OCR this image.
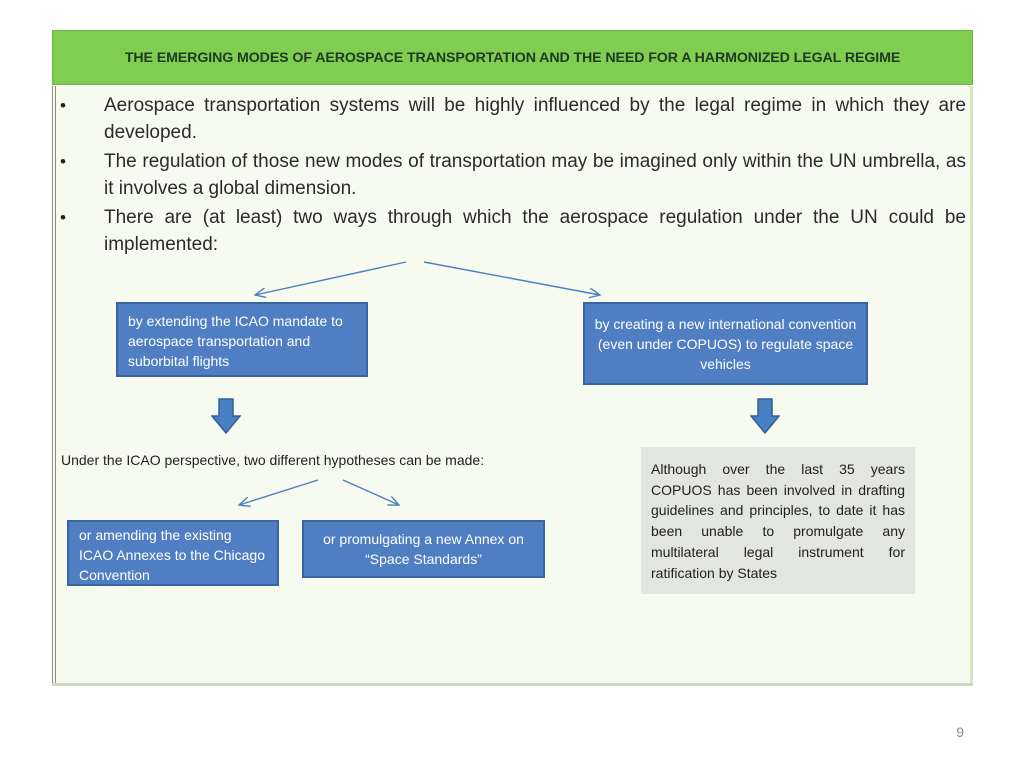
THE EMERGING MODES OF AEROSPACE TRANSPORTATION AND THE NEED FOR A HARMONIZED LEGAL REGIME
• Aerospace transportation systems will be highly influenced by the legal regime in which they are developed.

• The regulation of those new modes of transportation may be imagined only within the UN umbrella, as it involves a global dimension.

• There are (at least) two ways through which the aerospace regulation under the UN could be implemented:

by extending the ICAO mandate to aerospace transportation and suborbital flights
by creating a new international convention (even under COPUOS) to regulate space vehicles
Under the ICAO perspective, two different hypotheses can be made:
or amending the existing ICAO Annexes to the Chicago Convention
or promulgating a new Annex on “Space Standards”

Although over the last 35 years COPUOS has been involved in drafting guidelines and principles, to date it has been unable to promulgate any multilateral legal instrument for ratification by States

9
